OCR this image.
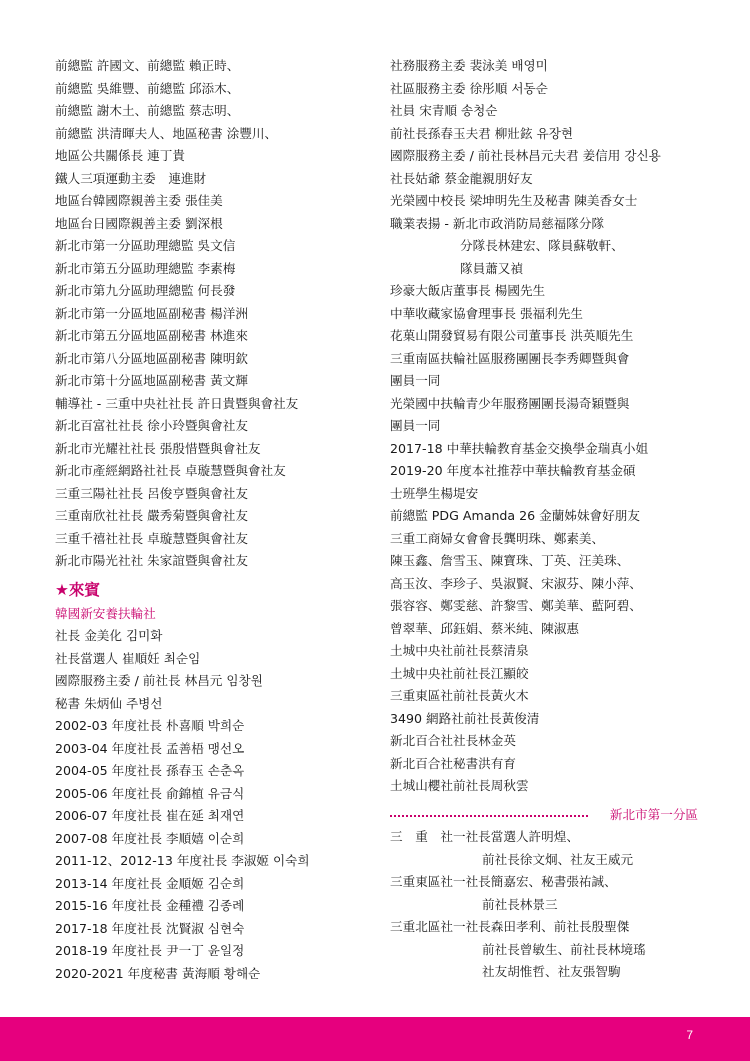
前總監 許國文、前總監 賴正時、
前總監 吳維豐、前總監 邱添木、
前總監 謝木土、前總監 蔡志明、
前總監 洪清暉夫人、地區秘書 涂豐川、
地區公共關係長 連丁貴
鐵人三項運動主委　連進財
地區台韓國際親善主委 張佳美
地區台日國際親善主委 劉深根
新北市第一分區助理總監 吳文信
新北市第五分區助理總監 李素梅
新北市第九分區助理總監 何長發
新北市第一分區地區副秘書 楊洋洲
新北市第五分區地區副秘書 林進來
新北市第八分區地區副秘書 陳明欽
新北市第十分區地區副秘書 黃文輝
輔導社 - 三重中央社社長 許日貴暨與會社友
新北百富社社長 徐小玲暨與會社友
新北市光耀社社長 張殷惜暨與會社友
新北市產經網路社社長 卓璇慧暨與會社友
三重三陽社社長 呂俊亨暨與會社友
三重南欣社社長 嚴秀菊暨與會社友
三重千禧社社長 卓璇慧暨與會社友
新北市陽光社社 朱家誼暨與會社友
★來賓
韓國新安養扶輪社
社長 金美化 김미화
社長當選人 崔順妊 최순임
國際服務主委 / 前社長 林昌元 임창원
秘書 朱炳仙 주병선
2002-03 年度社長 朴喜順 박희순
2003-04 年度社長 孟善梧 맹선오
2004-05 年度社長 孫春玉 손춘옥
2005-06 年度社長 俞錦植 유금식
2006-07 年度社長 崔在延 최재연
2007-08 年度社長 李順嬉 이순희
2011-12、2012-13 年度社長 李淑姬 이숙희
2013-14 年度社長 金順姬 김순희
2015-16 年度社長 金種禮 김종례
2017-18 年度社長 沈賢淑 심현숙
2018-19 年度社長 尹一丁 윤일정
2020-2021 年度秘書 黃海順 황해순
社務服務主委 裴泳美 배영미
社區服務主委 徐彤順 서동순
社員 宋青順 송청순
前社長孫春玉夫君 柳壯鉉 유장현
國際服務主委 / 前社長林昌元夫君 姜信用 강신용
社長姑爺 蔡金龍親朋好友
光榮國中校長 梁坤明先生及秘書 陳美香女士
職業表揚 - 新北市政消防局慈福隊分隊
分隊長林建宏、隊員蘇敬軒、
隊員蕭又禎
珍豪大飯店董事長 楊國先生
中華收藏家協會理事長 張福利先生
花菓山開發貿易有限公司董事長 洪英順先生
三重南區扶輪社區服務團團長李秀卿暨與會
團員一同
光榮國中扶輪青少年服務團團長湯奇穎暨與
團員一同
2017-18 中華扶輪教育基金交換學金瑞真小姐
2019-20 年度本社推荐中華扶輪教育基金碩
士班學生楊堤安
前總監 PDG Amanda 26 金蘭姊妹會好朋友
三重工商婦女會會長龔明珠、鄭素美、
陳玉鑫、詹雪玉、陳寶珠、丁英、汪美珠、
高玉汝、李珍子、吳淑賢、宋淑芬、陳小萍、
張容容、鄭雯慈、許黎雪、鄭美華、藍阿碧、
曾翠華、邱鈺娟、蔡米純、陳淑惠
土城中央社前社長蔡清泉
土城中央社前社長江顯皎
三重東區社前社長黃火木
3490 網路社前社長黃俊清
新北百合社社長林金英
新北百合社秘書洪有育
土城山櫻社前社長周秋雲
新北市第一分區
三　重　社一社長當選人許明煌、
前社長徐文炯、社友王威元
三重東區社一社長簡嘉宏、秘書張祐誠、
前社長林景三
三重北區社一社長森田孝利、前社長殷聖傑
前社長曾敏生、前社長林境瑤
社友胡惟哲、社友張智駒
7
